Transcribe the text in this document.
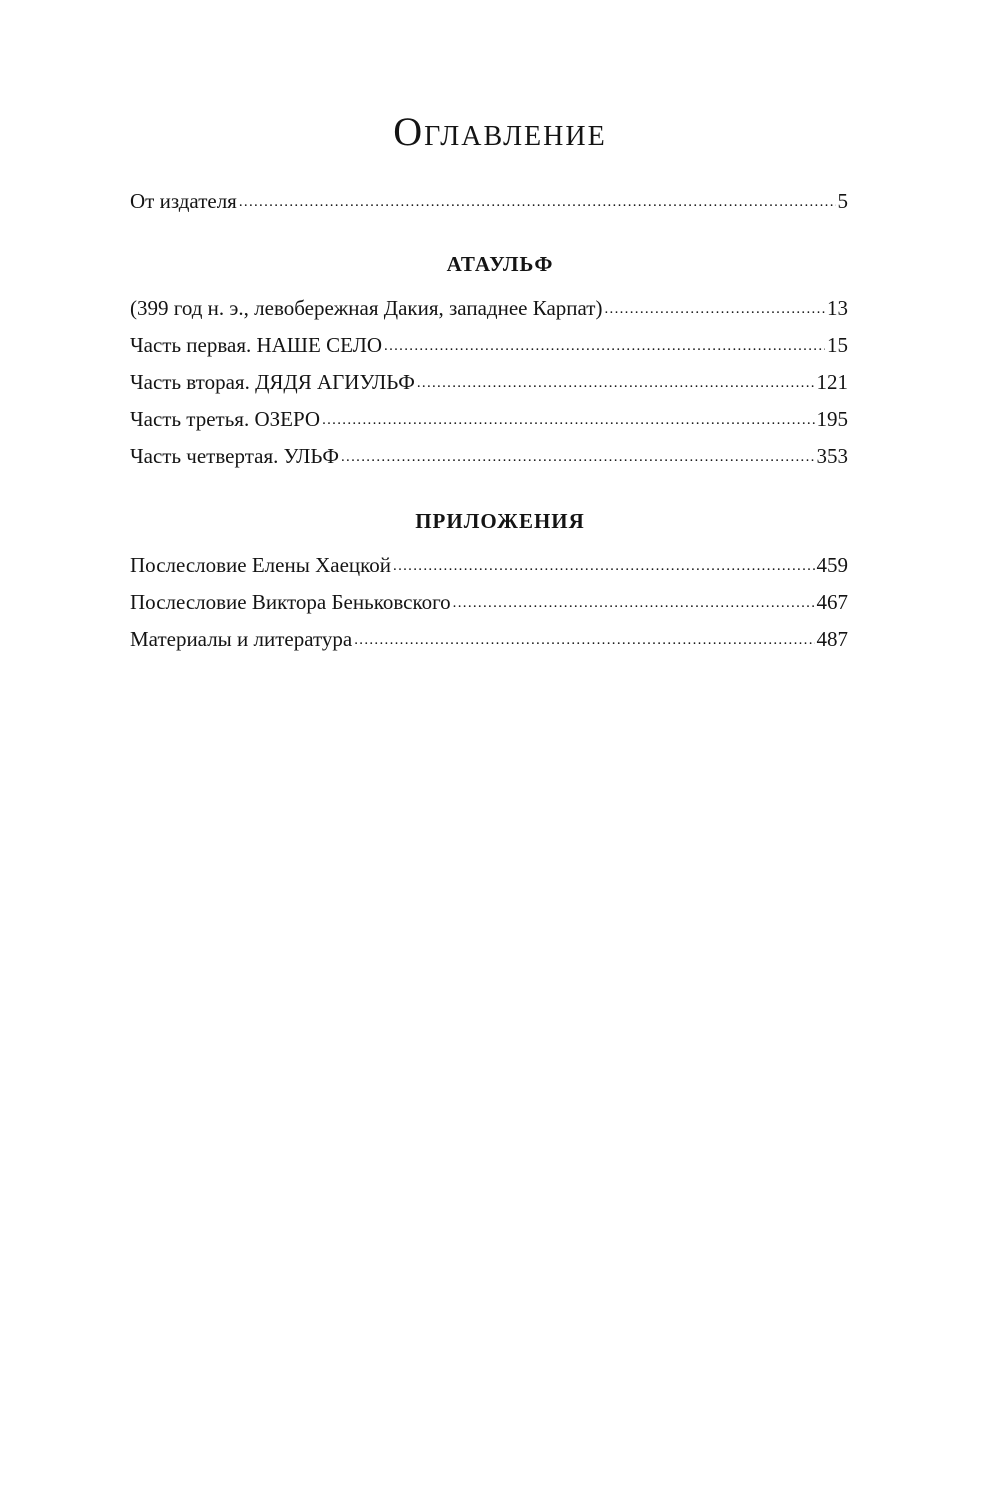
Оглавление
От издателя .....	5
АТАУЛЬФ
(399 год н. э., левобережная Дакия, западнее Карпат) .....	13
Часть первая. НАШЕ СЕЛО .....	15
Часть вторая. ДЯДЯ АГИУЛЬФ .....	121
Часть третья. ОЗЕРО .....	195
Часть четвертая. УЛЬФ .....	353
ПРИЛОЖЕНИЯ
Послесловие Елены Хаецкой .....	459
Послесловие Виктора Беньковского .....	467
Материалы и литература .....	487
